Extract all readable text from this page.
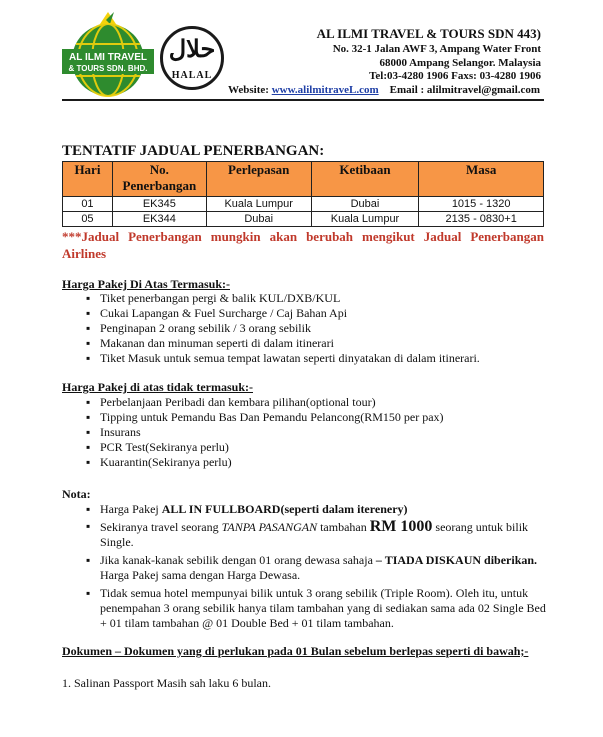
AL ILMI TRAVEL
& TOURS SDN. BHD.
حلال
HALAL
AL ILMI TRAVEL & TOURS SDN 443)
No. 32-1 Jalan AWF 3, Ampang Water Front
68000 Ampang Selangor. Malaysia
Tel:03-4280 1906 Faxs: 03-4280 1906
Website: www.alilmitraveL.com    Email : alilmitravel@gmail.com
TENTATIF JADUAL PENERBANGAN:
Hari	No. Penerbangan	Perlepasan	Ketibaan	Masa
01	EK345	Kuala Lumpur	Dubai	1015 - 1320
05	EK344	Dubai	Kuala Lumpur	2135 - 0830+1
***Jadual Penerbangan mungkin akan berubah mengikut Jadual Penerbangan Airlines
Harga Pakej Di Atas Termasuk:-
▪ Tiket penerbangan pergi & balik KUL/DXB/KUL
▪ Cukai Lapangan & Fuel Surcharge / Caj Bahan Api
▪ Penginapan 2 orang sebilik / 3 orang sebilik
▪ Makanan dan minuman seperti di dalam itinerari
▪ Tiket Masuk untuk semua tempat lawatan seperti dinyatakan di dalam itinerari.
Harga Pakej di atas tidak termasuk:-
▪ Perbelanjaan Peribadi dan kembara pilihan(optional tour)
▪ Tipping untuk Pemandu Bas Dan Pemandu Pelancong(RM150 per pax)
▪ Insurans
▪ PCR Test(Sekiranya perlu)
▪ Kuarantin(Sekiranya perlu)
Nota:
▪ Harga Pakej ALL IN FULLBOARD(seperti dalam iterenery)
▪ Sekiranya travel seorang TANPA PASANGAN tambahan RM 1000 seorang untuk bilik Single.
▪ Jika kanak-kanak sebilik dengan 01 orang dewasa sahaja – TIADA DISKAUN diberikan. Harga Pakej sama dengan Harga Dewasa.
▪ Tidak semua hotel mempunyai bilik untuk 3 orang sebilik (Triple Room). Oleh itu, untuk penempahan 3 orang sebilik hanya tilam tambahan yang di sediakan sama ada 02 Single Bed + 01 tilam tambahan @ 01 Double Bed + 01 tilam tambahan.
Dokumen – Dokumen yang di perlukan pada 01 Bulan sebelum berlepas seperti di bawah;-
1. Salinan Passport Masih sah laku 6 bulan.
